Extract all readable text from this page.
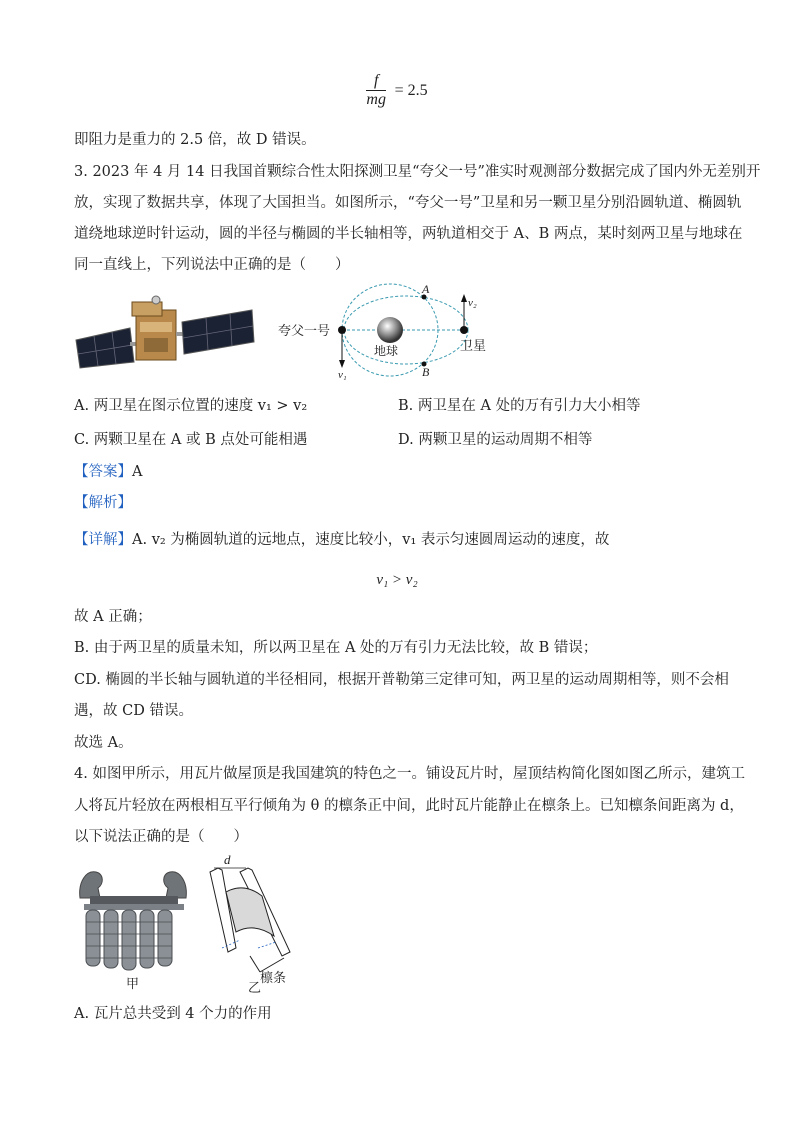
$\frac{f}{mg} = 2.5$
即阻力是重力的 2.5 倍，故 D 错误。
3. 2023 年 4 月 14 日我国首颗综合性太阳探测卫星“夸父一号”准实时观测部分数据完成了国内外无差别开
放，实现了数据共享，体现了大国担当。如图所示，“夸父一号”卫星和另一颗卫星分别沿圆轨道、椭圆轨
道绕地球逆时针运动，圆的半径与椭圆的半长轴相等，两轨道相交于 A、B 两点，某时刻两卫星与地球在
同一直线上，下列说法中正确的是（　　）
夸父一号
地球	卫星
A
B
v₁
v₂
A. 两卫星在图示位置的速度 v₁ > v₂	B. 两卫星在 A 处的万有引力大小相等
C. 两颗卫星在 A 或 B 点处可能相遇	D. 两颗卫星的运动周期不相等
【答案】A
【解析】
【详解】A. v₂ 为椭圆轨道的远地点，速度比较小，v₁ 表示匀速圆周运动的速度，故
v₁ > v₂
故 A 正确；
B. 由于两卫星的质量未知，所以两卫星在 A 处的万有引力无法比较，故 B 错误；
CD. 椭圆的半长轴与圆轨道的半径相同，根据开普勒第三定律可知，两卫星的运动周期相等，则不会相
遇，故 CD 错误。
故选 A。
4. 如图甲所示，用瓦片做屋顶是我国建筑的特色之一。铺设瓦片时，屋顶结构简化图如图乙所示，建筑工
人将瓦片轻放在两根相互平行倾角为 θ 的檩条正中间，此时瓦片能静止在檩条上。已知檩条间距离为 d，
以下说法正确的是（　　）
甲
d
檩条
乙
A. 瓦片总共受到 4 个力的作用
